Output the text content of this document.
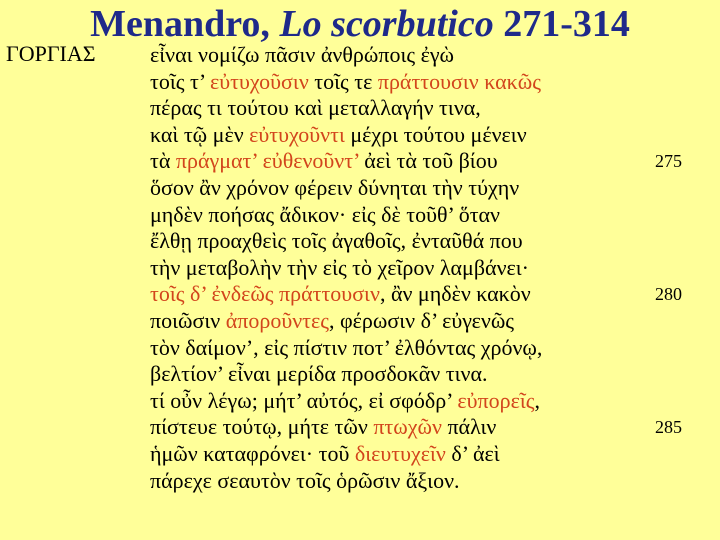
Menandro, Lo scorbutico 271-314
ΓΟΡΓΙΑΣ εἶναι νομίζω πᾶσιν ἀνθρώποις ἐγὼ
τοῖς τ’ εὐτυχοῦσιν τοῖς τε πράττουσιν κακῶς
πέρας τι τούτου καὶ μεταλλαγήν τινα,
καὶ τῷ μὲν εὐτυχοῦντι μέχρι τούτου μένειν
τὰ πράγματ’ εὐθενοῦντ’ ἀεὶ τὰ τοῦ βίου	275
ὅσον ἂν χρόνον φέρειν δύνηται τὴν τύχην
μηδὲν ποήσας ἄδικον· εἰς δὲ τοῦθ’ ὅταν
ἔλθῃ προαχθεὶς τοῖς ἀγαθοῖς, ἐνταῦθά που
τὴν μεταβολὴν τὴν εἰς τὸ χεῖρον λαμβάνει·
τοῖς δ’ ἐνδεῶς πράττουσιν, ἂν μηδὲν κακὸν	280
ποιῶσιν ἀποροῦντες, φέρωσιν δ’ εὐγενῶς
τὸν δαίμον’, εἰς πίστιν ποτ’ ἐλθόντας χρόνῳ,
βελτίον’ εἶναι μερίδα προσδοκᾶν τινα.
τί οὖν λέγω; μήτ’ αὐτός, εἰ σφόδρ’ εὐπορεῖς,
πίστευε τούτῳ, μήτε τῶν πτωχῶν πάλιν	285
ἡμῶν καταφρόνει· τοῦ διευτυχεῖν δ’ ἀεὶ
πάρεχε σεαυτὸν τοῖς ὁρῶσιν ἄξιον.
